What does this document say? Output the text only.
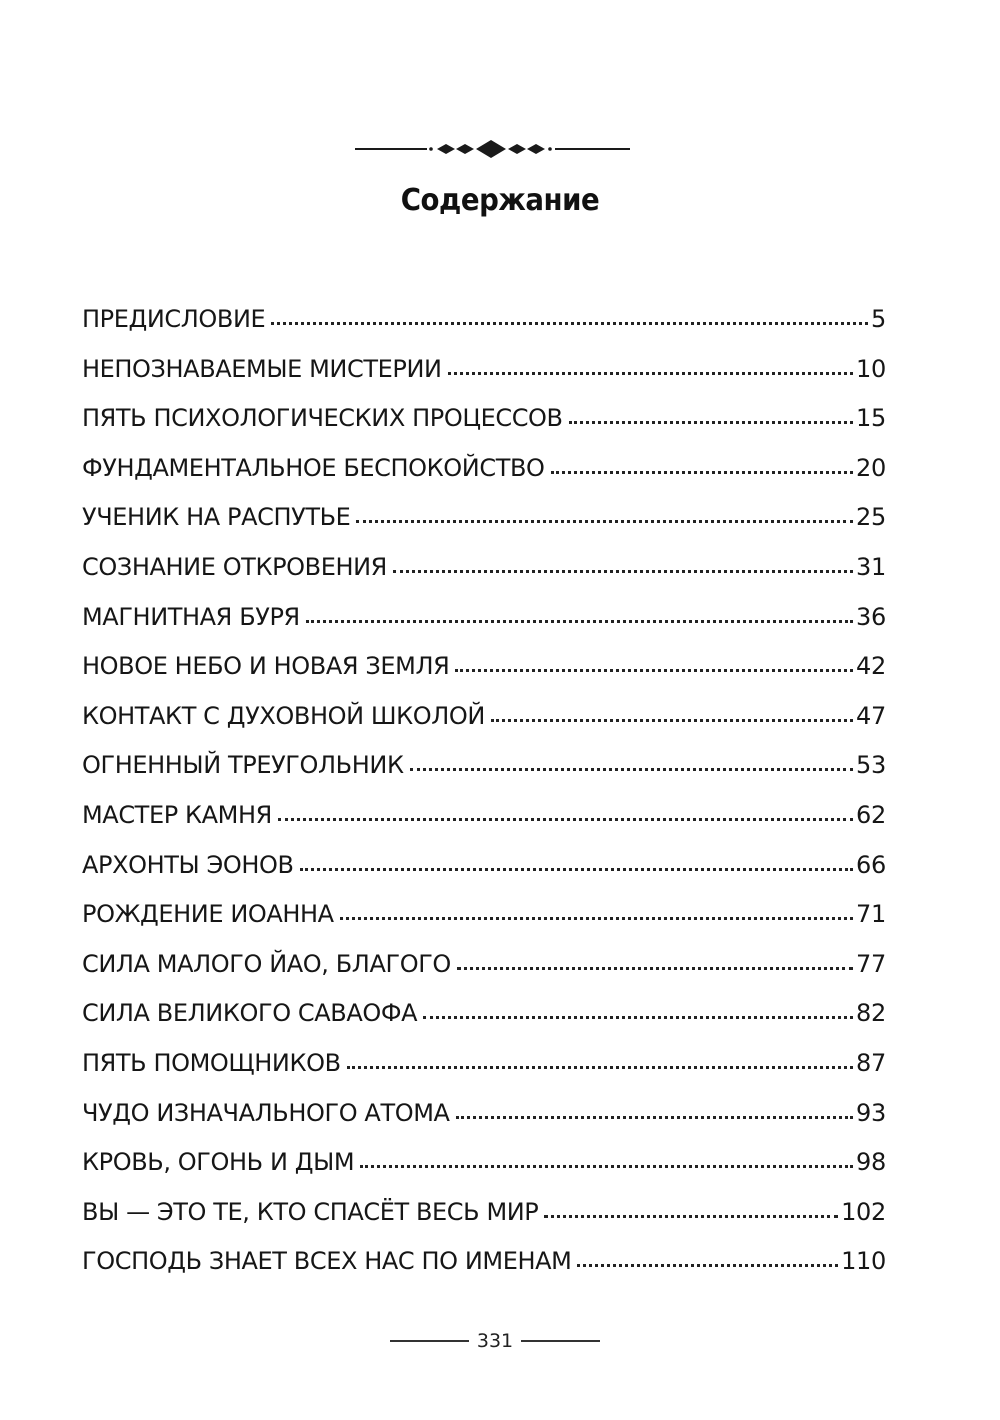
Содержание
ПРЕДИСЛОВИЕ	5
НЕПОЗНАВАЕМЫЕ МИСТЕРИИ	10
ПЯТЬ ПСИХОЛОГИЧЕСКИХ ПРОЦЕССОВ	15
ФУНДАМЕНТАЛЬНОЕ БЕСПОКОЙСТВО	20
УЧЕНИК НА РАСПУТЬЕ	25
СОЗНАНИЕ ОТКРОВЕНИЯ	31
МАГНИТНАЯ БУРЯ	36
НОВОЕ НЕБО И НОВАЯ ЗЕМЛЯ	42
КОНТАКТ С ДУХОВНОЙ ШКОЛОЙ	47
ОГНЕННЫЙ ТРЕУГОЛЬНИК	53
МАСТЕР КАМНЯ	62
АРХОНТЫ ЭОНОВ	66
РОЖДЕНИЕ ИОАННА	71
СИЛА МАЛОГО ЙАО, БЛАГОГО	77
СИЛА ВЕЛИКОГО САВАОФА	82
ПЯТЬ ПОМОЩНИКОВ	87
ЧУДО ИЗНАЧАЛЬНОГО АТОМА	93
КРОВЬ, ОГОНЬ И ДЫМ	98
ВЫ — ЭТО ТЕ, КТО СПАСЁТ ВЕСЬ МИР	102
ГОСПОДЬ ЗНАЕТ ВСЕХ НАС ПО ИМЕНАМ	110
331
